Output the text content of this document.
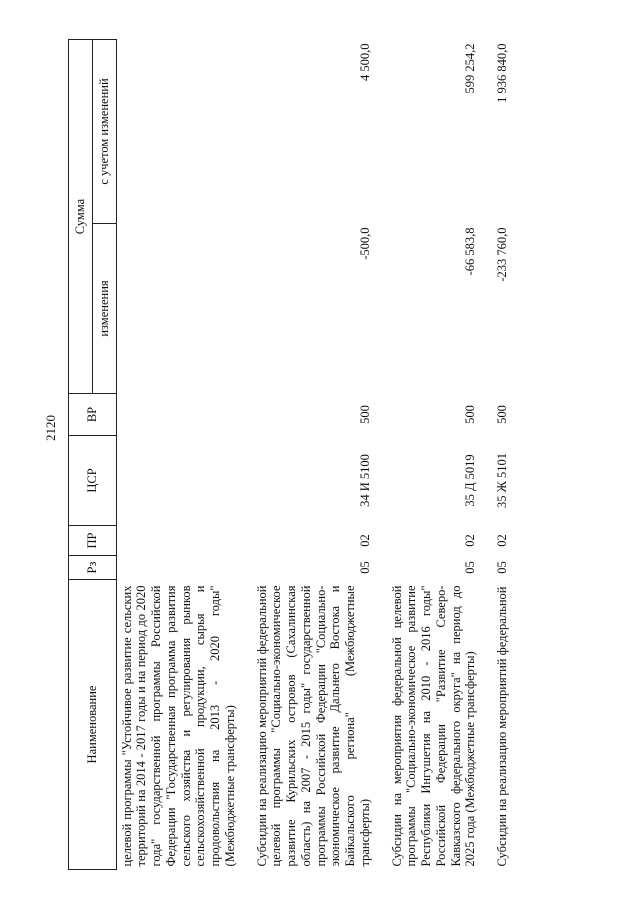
2120
Наименование	Рз	ПР	ЦСР	ВР	Сумма	
					изменения	с учетом изменений
целевой программы "Устойчивое развитие сельских территорий на 2014 - 2017 годы и на период до 2020 года" государственной программы Российской Федерации "Государственная программа развития сельского хозяйства и регулирования рынков сельскохозяйственной продукции, сырья и продовольствия на 2013 - 2020 годы" (Межбюджетные трансферты)						

Субсидии на реализацию мероприятий федеральной целевой программы "Социально-экономическое развитие Курильских островов (Сахалинская область) на 2007 - 2015 годы" государственной программы Российской Федерации "Социально-экономическое развитие Дальнего Востока и Байкальского региона" (Межбюджетные трансферты)	05	02	34 И 5100	500	-500,0	4 500,0

Субсидии на мероприятия федеральной целевой программы "Социально-экономическое развитие Республики Ингушетия на 2010 - 2016 годы" Российской Федерации "Развитие Северо-Кавказского федерального округа" на период до 2025 года (Межбюджетные трансферты)	05	02	35 Д 5019	500	-66 583,8	599 254,2

Субсидии на реализацию мероприятий федеральной	05	02	35 Ж 5101	500	-233 760,0	1 936 840,0
